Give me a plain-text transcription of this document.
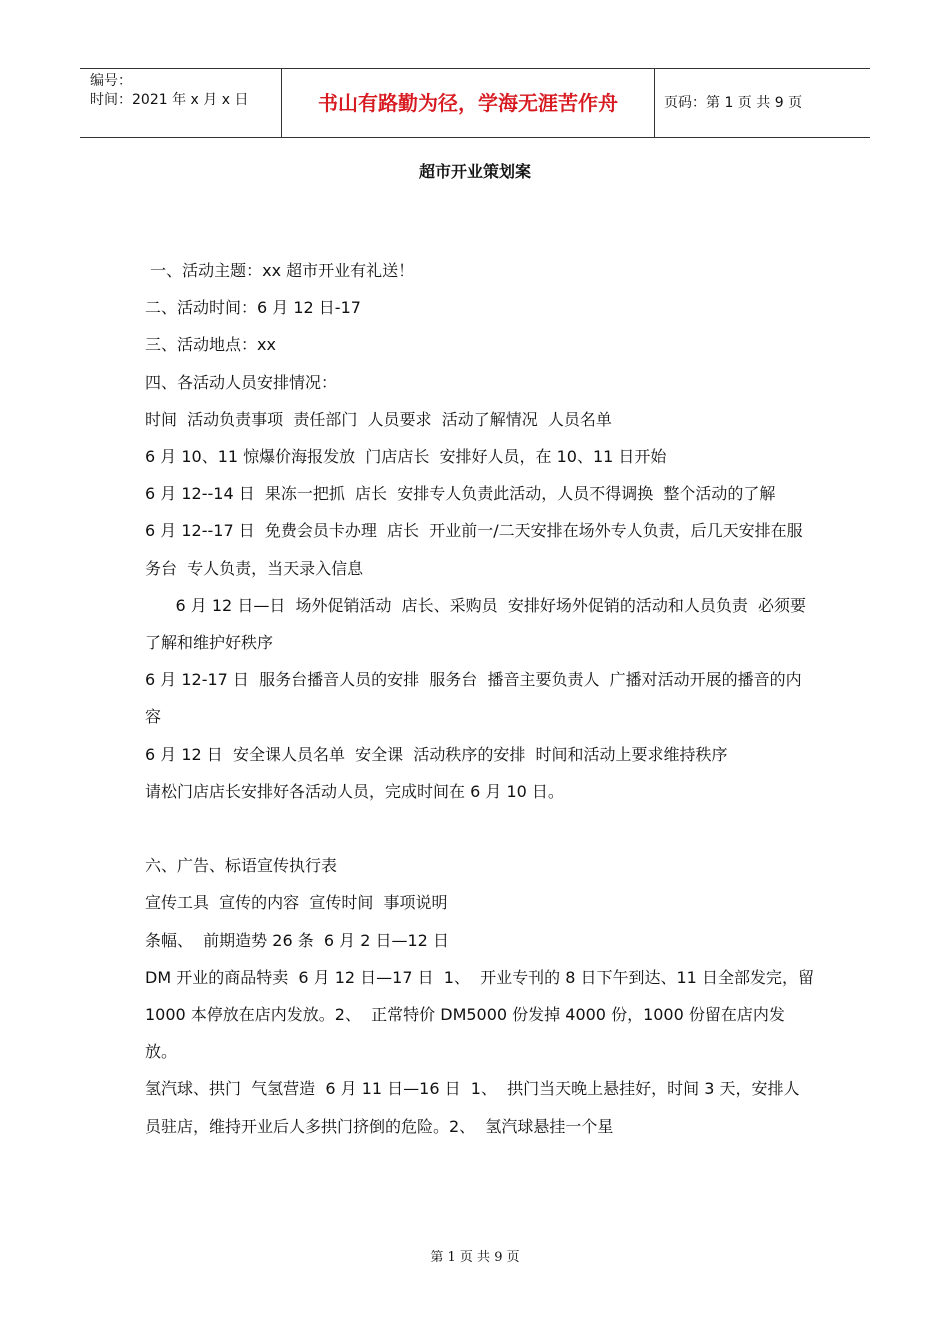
编号：
时间：2021 年 x 月 x 日	书山有路勤为径，学海无涯苦作舟	页码：第 1 页 共 9 页
超市开业策划案

一、活动主题：xx 超市开业有礼送！

二、活动时间：6 月 12 日-17

三、活动地点：xx

四、各活动人员安排情况：

时间  活动负责事项  责任部门  人员要求  活动了解情况  人员名单

6 月 10、11 惊爆价海报发放  门店店长  安排好人员，在 10、11 日开始

6 月 12--14 日  果冻一把抓  店长  安排专人负责此活动，人员不得调换  整个活动的了解

6 月 12--17 日  免费会员卡办理  店长  开业前一/二天安排在场外专人负责，后几天安排在服务台  专人负责，当天录入信息

6 月 12 日—日  场外促销活动  店长、采购员  安排好场外促销的活动和人员负责  必须要了解和维护好秩序

6 月 12-17 日  服务台播音人员的安排  服务台  播音主要负责人  广播对活动开展的播音的内容

6 月 12 日  安全课人员名单  安全课  活动秩序的安排  时间和活动上要求维持秩序

请松门店店长安排好各活动人员，完成时间在 6 月 10 日。

六、广告、标语宣传执行表

宣传工具  宣传的内容  宣传时间  事项说明

条幅、  前期造势 26 条  6 月 2 日—12 日

DM 开业的商品特卖  6 月 12 日—17 日  1、  开业专刊的 8 日下午到达、11 日全部发完，留 1000 本停放在店内发放。2、  正常特价 DM5000 份发掉 4000 份，1000 份留在店内发放。

氢汽球、拱门  气氢营造  6 月 11 日—16 日  1、  拱门当天晚上悬挂好，时间 3 天，安排人员驻店，维持开业后人多拱门挤倒的危险。2、  氢汽球悬挂一个星

第 1 页 共 9 页
